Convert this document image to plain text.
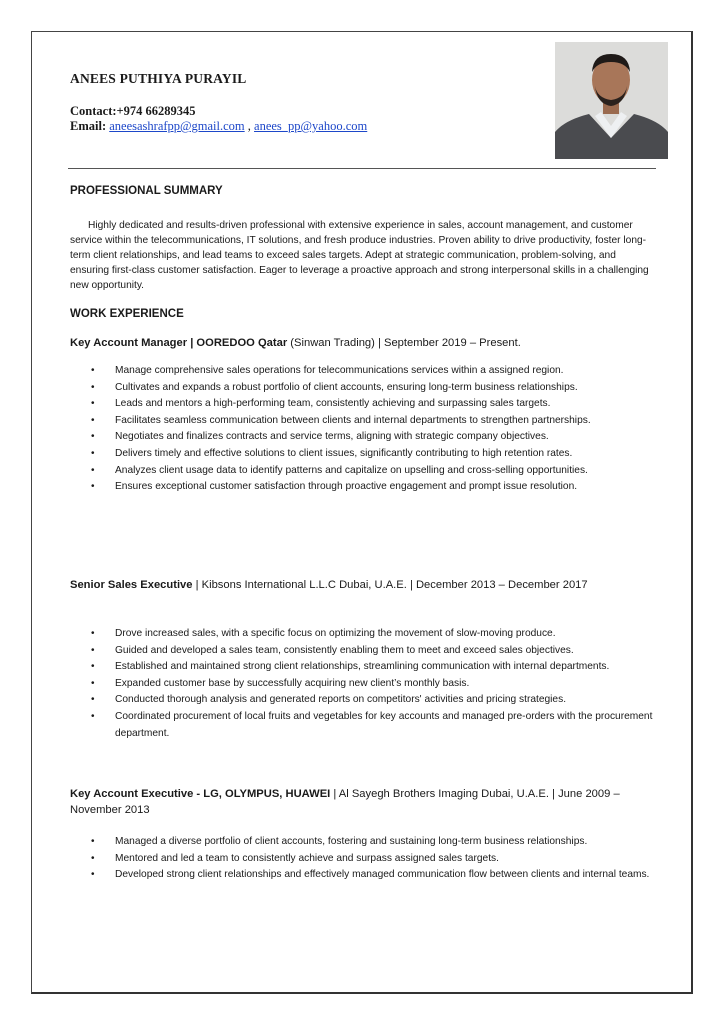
ANEES PUTHIYA PURAYIL
Contact:+974 66289345
Email: aneesashrafpp@gmail.com , anees_pp@yahoo.com
PROFESSIONAL SUMMARY
Highly dedicated and results-driven professional with extensive experience in sales, account management, and customer service within the telecommunications, IT solutions, and fresh produce industries. Proven ability to drive productivity, foster long-term client relationships, and lead teams to exceed sales targets. Adept at strategic communication, problem-solving, and ensuring first-class customer satisfaction. Eager to leverage a proactive approach and strong interpersonal skills in a challenging new opportunity.
WORK EXPERIENCE
Key Account Manager | OOREDOO Qatar (Sinwan Trading) | September 2019 – Present.
• Manage comprehensive sales operations for telecommunications services within a assigned region.
• Cultivates and expands a robust portfolio of client accounts, ensuring long-term business relationships.
• Leads and mentors a high-performing team, consistently achieving and surpassing sales targets.
• Facilitates seamless communication between clients and internal departments to strengthen partnerships.
• Negotiates and finalizes contracts and service terms, aligning with strategic company objectives.
• Delivers timely and effective solutions to client issues, significantly contributing to high retention rates.
• Analyzes client usage data to identify patterns and capitalize on upselling and cross-selling opportunities.
• Ensures exceptional customer satisfaction through proactive engagement and prompt issue resolution.
Senior Sales Executive | Kibsons International L.L.C Dubai, U.A.E. | December 2013 – December 2017
• Drove increased sales, with a specific focus on optimizing the movement of slow-moving produce.
• Guided and developed a sales team, consistently enabling them to meet and exceed sales objectives.
• Established and maintained strong client relationships, streamlining communication with internal departments.
• Expanded customer base by successfully acquiring new client’s monthly basis.
• Conducted thorough analysis and generated reports on competitors' activities and pricing strategies.
• Coordinated procurement of local fruits and vegetables for key accounts and managed pre-orders with the procurement department.
Key Account Executive - LG, OLYMPUS, HUAWEI | Al Sayegh Brothers Imaging Dubai, U.A.E. | June 2009 – November 2013
• Managed a diverse portfolio of client accounts, fostering and sustaining long-term business relationships.
• Mentored and led a team to consistently achieve and surpass assigned sales targets.
• Developed strong client relationships and effectively managed communication flow between clients and internal teams.
